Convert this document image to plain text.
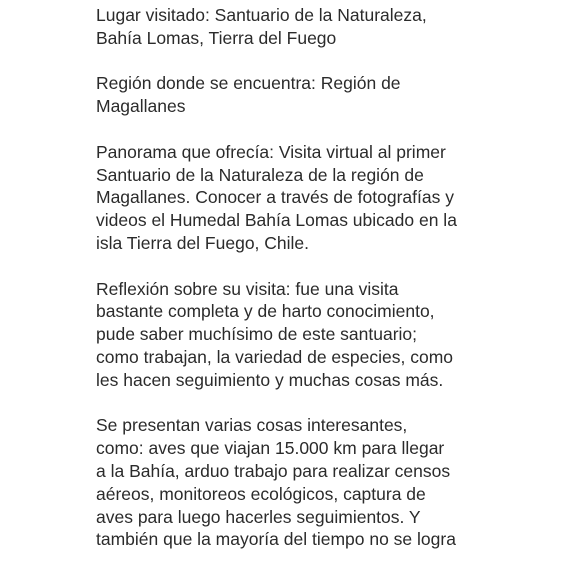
Lugar visitado: Santuario de la Naturaleza,
Bahía Lomas, Tierra del Fuego

Región donde se encuentra: Región de
Magallanes

Panorama que ofrecía: Visita virtual al primer
Santuario de la Naturaleza de la región de
Magallanes. Conocer a través de fotografías y
videos el Humedal Bahía Lomas ubicado en la
isla Tierra del Fuego, Chile.

Reflexión sobre su visita: fue una visita
bastante completa y de harto conocimiento,
pude saber muchísimo de este santuario;
como trabajan, la variedad de especies, como
les hacen seguimiento y muchas cosas más.

Se presentan varias cosas interesantes,
como: aves que viajan 15.000 km para llegar
a la Bahía, arduo trabajo para realizar censos
aéreos, monitoreos ecológicos, captura de
aves para luego hacerles seguimientos. Y
también que la mayoría del tiempo no se logra
